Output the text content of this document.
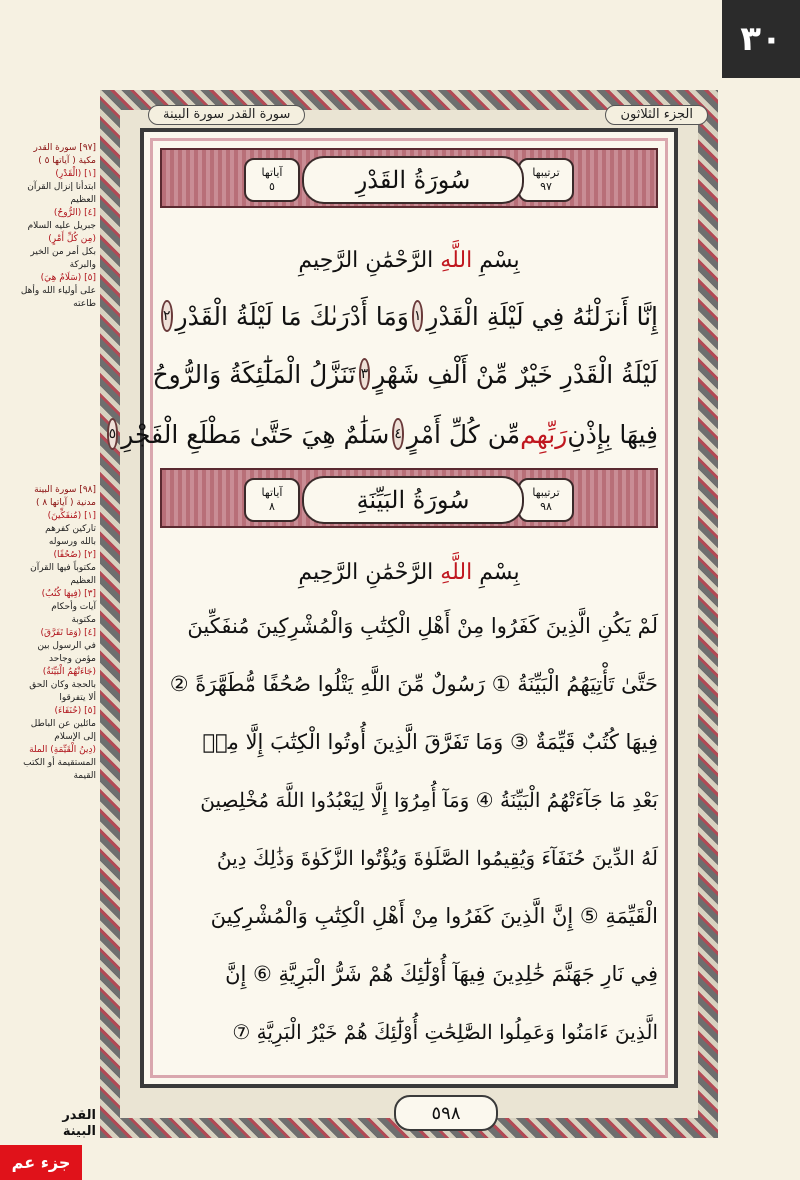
٣٠
الجزء الثلاثون
سورة القدر سورة البينة
ترتيبها
٩٧
سُورَةُ القَدْرِ
آياتها
٥
بِسْمِ اللَّهِ الرَّحْمَٰنِ الرَّحِيمِ
إِنَّا أَنزَلْنَٰهُ فِي لَيْلَةِ الْقَدْرِ
١
وَمَا أَدْرَىٰكَ مَا لَيْلَةُ الْقَدْرِ
٢
لَيْلَةُ الْقَدْرِ خَيْرٌ مِّنْ أَلْفِ شَهْرٍ
٣
تَنَزَّلُ الْمَلَٰٓئِكَةُ وَالرُّوحُ
فِيهَا بِإِذْنِ
رَبِّهِم
مِّن كُلِّ أَمْرٍ
٤
سَلَٰمٌ هِيَ حَتَّىٰ مَطْلَعِ الْفَجْرِ
٥
ترتيبها
٩٨
سُورَةُ البَيِّنَةِ
آياتها
٨
بِسْمِ اللَّهِ الرَّحْمَٰنِ الرَّحِيمِ
لَمْ يَكُنِ الَّذِينَ كَفَرُوا مِنْ أَهْلِ الْكِتَٰبِ وَالْمُشْرِكِينَ مُنفَكِّينَ
حَتَّىٰ تَأْتِيَهُمُ الْبَيِّنَةُ ① رَسُولٌ مِّنَ اللَّهِ يَتْلُوا صُحُفًا مُّطَهَّرَةً ②
فِيهَا كُتُبٌ قَيِّمَةٌ ③ وَمَا تَفَرَّقَ الَّذِينَ أُوتُوا الْكِتَٰبَ إِلَّا مِنۢ
بَعْدِ مَا جَآءَتْهُمُ الْبَيِّنَةُ ④ وَمَآ أُمِرُوٓا إِلَّا لِيَعْبُدُوا اللَّهَ مُخْلِصِينَ
لَهُ الدِّينَ حُنَفَآءَ وَيُقِيمُوا الصَّلَوٰةَ وَيُؤْتُوا الزَّكَوٰةَ وَذَٰلِكَ دِينُ
الْقَيِّمَةِ ⑤ إِنَّ الَّذِينَ كَفَرُوا مِنْ أَهْلِ الْكِتَٰبِ وَالْمُشْرِكِينَ
فِي نَارِ جَهَنَّمَ خَٰلِدِينَ فِيهَآ أُوْلَٰٓئِكَ هُمْ شَرُّ الْبَرِيَّةِ ⑥ إِنَّ
الَّذِينَ ءَامَنُوا وَعَمِلُوا الصَّٰلِحَٰتِ أُوْلَٰٓئِكَ هُمْ خَيْرُ الْبَرِيَّةِ ⑦
٥٩٨
[٩٧] سورة القدر
مكية ( آياتها ٥ )
[١] (الْقَدْرِ)
ابتدأنا إنزال القرآن
العظيم
[٤] (الرُّوحُ)
جبريل عليه السلام
(مِن كُلِّ أَمْرٍ)
بكل أمر من الخير
والبركة
[٥] (سَلَامٌ هِيَ)
على أولياء الله وأهل
طاعته
[٩٨] سورة البينة
مدنية ( آياتها ٨ )
[١] (مُنفَكِّينَ)
تاركين كفرهم
بالله ورسوله
[٢] (صُحُفًا)
مكتوباً فيها القرآن
العظيم
[٣] (فِيهَا كُتُبٌ)
آيات وأحكام
مكتوبة
[٤] (وَمَا تَفَرَّقَ)
في الرسول بين
مؤمن وجاحد
(جَاءَتْهُمُ الْبَيِّنَةُ)
بالحجة وكان الحق
ألا يتفرقوا
[٥] (حُنَفَاءَ)
مائلين عن الباطل
إلى الإسلام
(دِينُ الْقَيِّمَةِ) الملة
المستقيمة أو الكتب
القيمة
القدر
البينة
جزء عم
